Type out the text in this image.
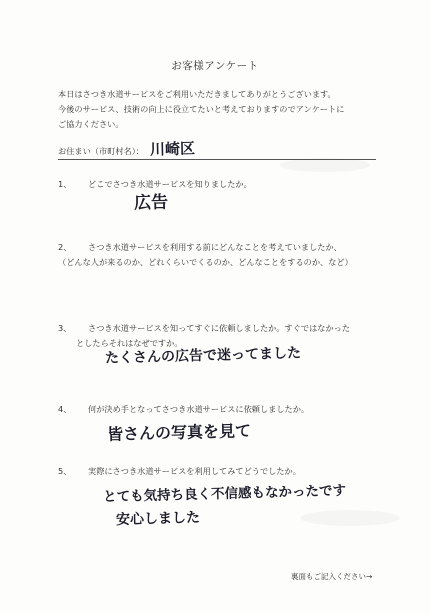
お客様アンケート
本日はさつき水道サービスをご利用いただきましてありがとうございます。
今後のサービス、技術の向上に役立てたいと考えておりますのでアンケートに
ご協力ください。
お住まい（市町村名）： 川崎区
1、 どこでさつき水道サービスを知りましたか。
広告
2、 さつき水道サービスを利用する前にどんなことを考えていましたか、
（どんな人が来るのか、どれくらいでくるのか、どんなことをするのか、など）
3、 さつき水道サービスを知ってすぐに依頼しましたか。すぐではなかった
としたらそれはなぜですか。
たくさんの広告で迷ってました
4、 何が決め手となってさつき水道サービスに依頼しましたか。
皆さんの写真を見て
5、 実際にさつき水道サービスを利用してみてどうでしたか。
とても気持ち良く不信感もなかったです
安心しました
裏面もご記入ください→
